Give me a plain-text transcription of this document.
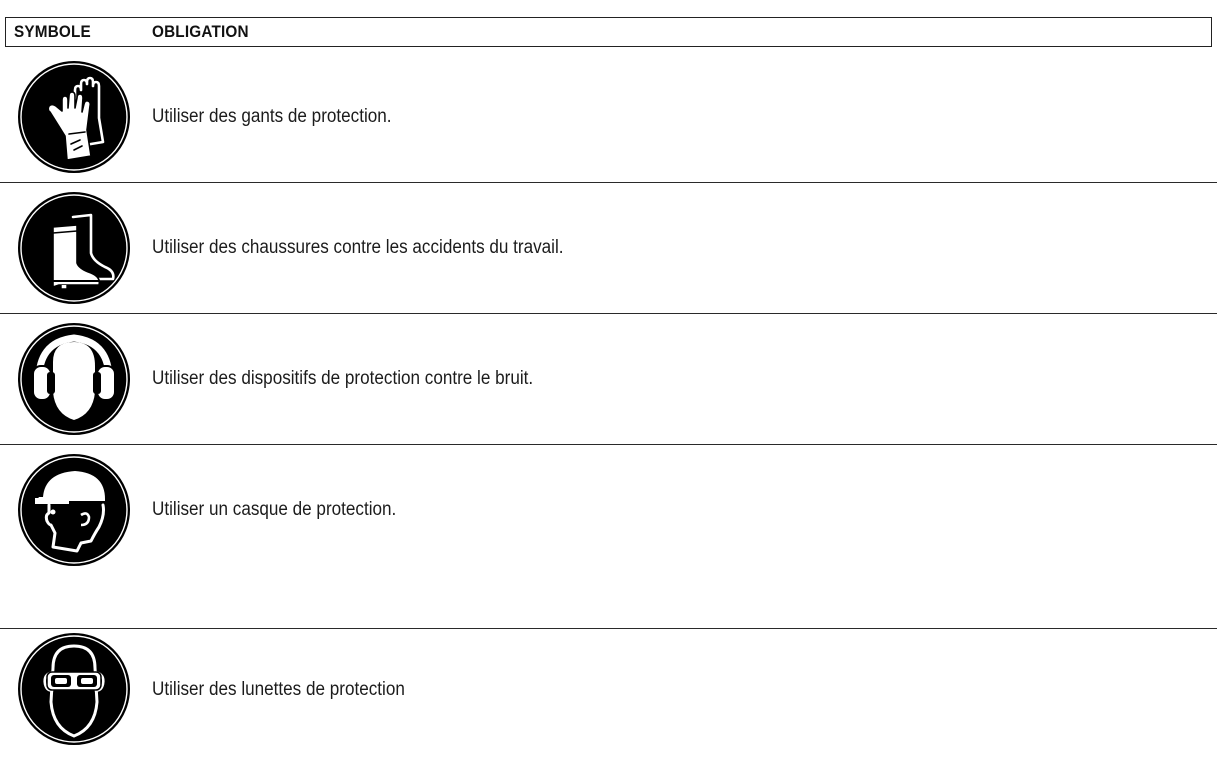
SYMBOLE	OBLIGATION
Utiliser des gants de protection.
Utiliser des chaussures contre les accidents du travail.
Utiliser des dispositifs de protection contre le bruit.
Utiliser un casque de protection.
Utiliser des lunettes de protection
